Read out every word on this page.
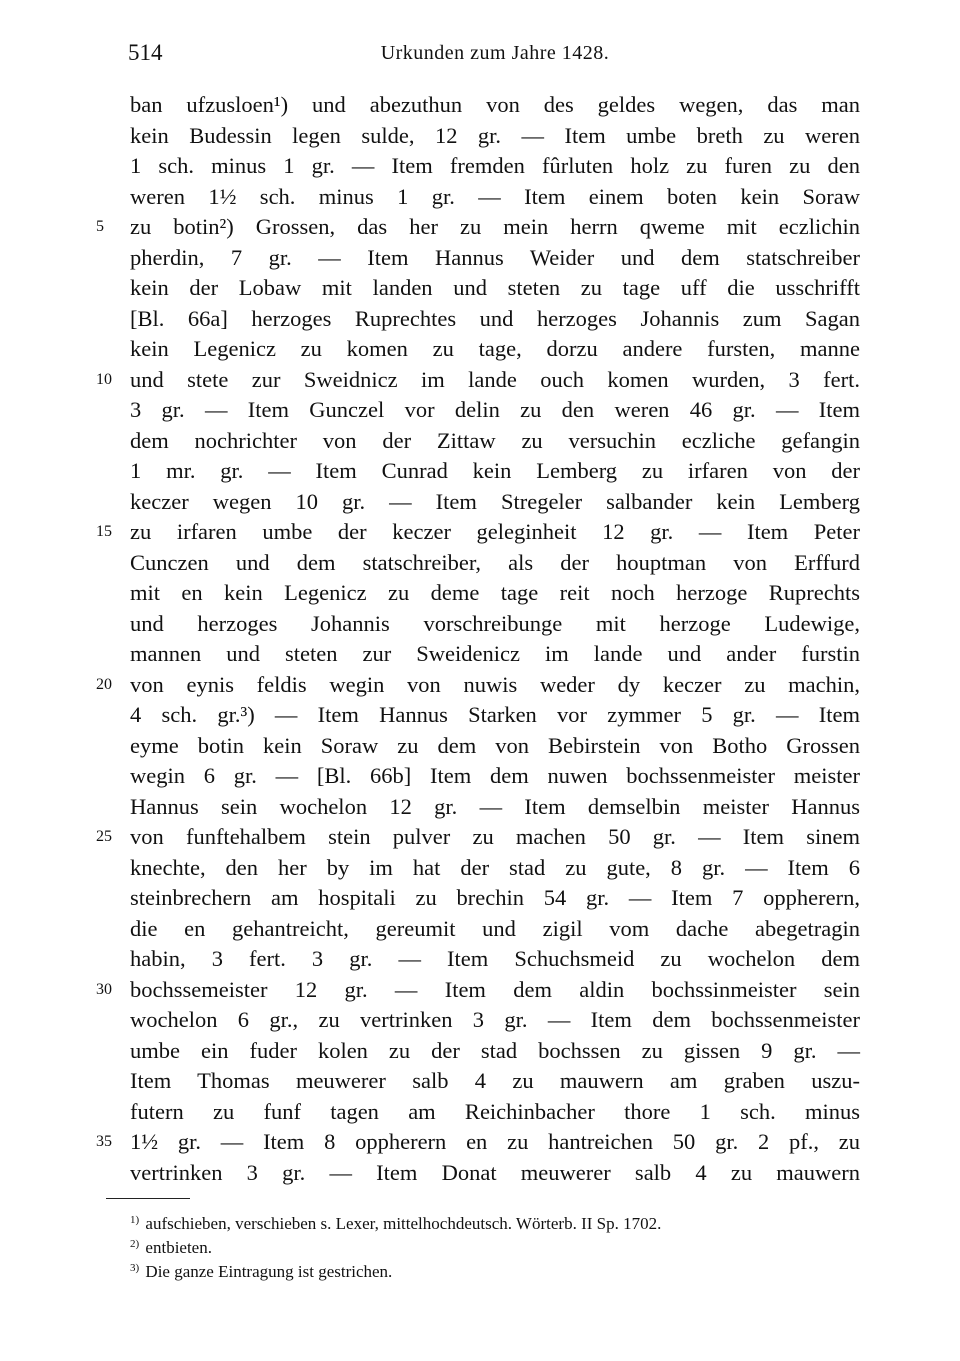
514	Urkunden zum Jahre 1428.
ban ufzusloen¹) und abezuthun von des geldes wegen, das man
kein Budessin legen sulde, 12 gr. — Item umbe breth zu weren
1 sch. minus 1 gr. — Item fremden fûrluten holz zu furen zu den
weren 1½ sch. minus 1 gr. — Item einem boten kein Soraw
5	zu botin²) Grossen, das her zu mein herrn qweme mit eczlichin
pherdin, 7 gr. — Item Hannus Weider und dem statschreiber
kein der Lobaw mit landen und steten zu tage uff die usschrifft
[Bl. 66a] herzoges Ruprechtes und herzoges Johannis zum Sagan
kein Legenicz zu komen zu tage, dorzu andere fursten, manne
10 und stete zur Sweidnicz im lande ouch komen wurden, 3 fert.
3 gr. — Item Gunczel vor delin zu den weren 46 gr. — Item
dem nochrichter von der Zittaw zu versuchin eczliche gefangin
1 mr. gr. — Item Cunrad kein Lemberg zu irfaren von der
keczer wegen 10 gr. — Item Stregeler salbander kein Lemberg
15 zu irfaren umbe der keczer geleginheit 12 gr. — Item Peter
Cunczen und dem statschreiber, als der houptman von Erffurd
mit en kein Legenicz zu deme tage reit noch herzoge Ruprechts
und herzoges Johannis vorschreibunge mit herzoge Ludewige,
mannen und steten zur Sweidenicz im lande und ander furstin
20 von eynis feldis wegin von nuwis weder dy keczer zu machin,
4 sch. gr.³) — Item Hannus Starken vor zymmer 5 gr. — Item
eyme botin kein Soraw zu dem von Bebirstein von Botho Grossen
wegin 6 gr. — [Bl. 66b] Item dem nuwen bochssenmeister meister
Hannus sein wochelon 12 gr. — Item demselbin meister Hannus
25 von funftehalbem stein pulver zu machen 50 gr. — Item sinem
knechte, den her by im hat der stad zu gute, 8 gr. — Item 6
steinbrechern am hospitali zu brechin 54 gr. — Item 7 oppherern,
die en gehantreicht, gereumit und zigil vom dache abegetragin
habin, 3 fert. 3 gr. — Item Schuchsmeid zu wochelon dem
30 bochssemeister 12 gr. — Item dem aldin bochssinmeister sein
wochelon 6 gr., zu vertrinken 3 gr. — Item dem bochssenmeister
umbe ein fuder kolen zu der stad bochssen zu gissen 9 gr. —
Item Thomas meuwerer salb 4 zu mauwern am graben uszu-
futern zu funf tagen am Reichinbacher thore 1 sch. minus
35 1½ gr. — Item 8 oppherern en zu hantreichen 50 gr. 2 pf., zu
vertrinken 3 gr. — Item Donat meuwerer salb 4 zu mauwern
$^{1)}$ aufschieben, verschieben s. Lexer, mittelhochdeutsch. Wörterb. II Sp. 1702.
$^{2)}$ entbieten.
$^{3)}$ Die ganze Eintragung ist gestrichen.
